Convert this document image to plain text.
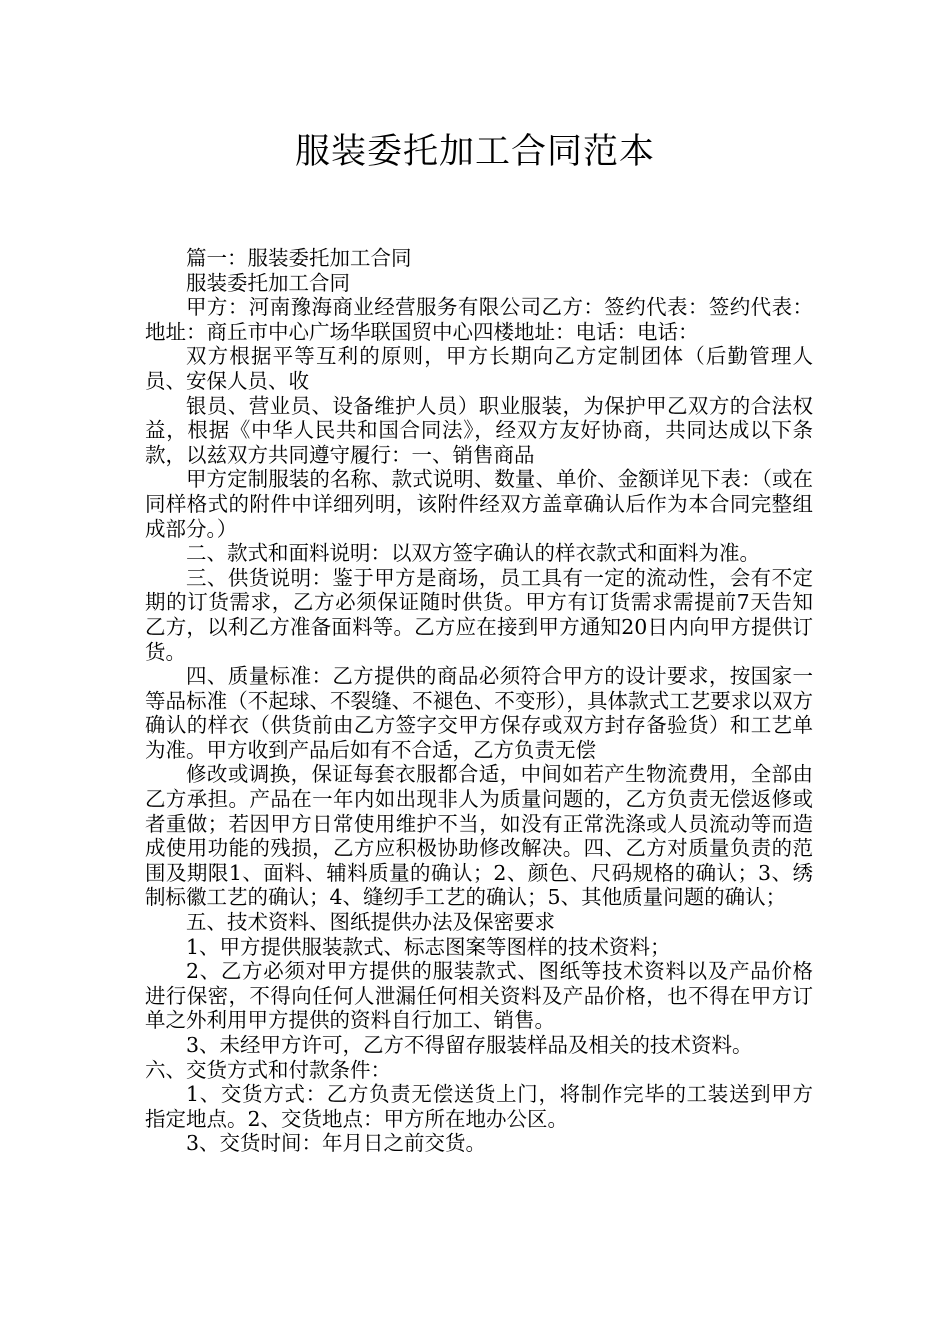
服装委托加工合同范本

篇一：服装委托加工合同

服装委托加工合同

甲方：河南豫海商业经营服务有限公司乙方：签约代表：签约代表：地址：商丘市中心广场华联国贸中心四楼地址：电话：电话：

双方根据平等互利的原则，甲方长期向乙方定制团体（后勤管理人员、安保人员、收

银员、营业员、设备维护人员）职业服装，为保护甲乙双方的合法权益，根据《中华人民共和国合同法》，经双方友好协商，共同达成以下条款，以兹双方共同遵守履行：一、销售商品

甲方定制服装的名称、款式说明、数量、单价、金额详见下表：（或在同样格式的附件中详细列明，该附件经双方盖章确认后作为本合同完整组成部分。）

二、款式和面料说明：以双方签字确认的样衣款式和面料为准。

三、供货说明：鉴于甲方是商场，员工具有一定的流动性，会有不定期的订货需求，乙方必须保证随时供货。甲方有订货需求需提前7天告知乙方，以利乙方准备面料等。乙方应在接到甲方通知20日内向甲方提供订货。

四、质量标准：乙方提供的商品必须符合甲方的设计要求，按国家一等品标准（不起球、不裂缝、不褪色、不变形），具体款式工艺要求以双方确认的样衣（供货前由乙方签字交甲方保存或双方封存备验货）和工艺单为准。甲方收到产品后如有不合适，乙方负责无偿

修改或调换，保证每套衣服都合适，中间如若产生物流费用，全部由乙方承担。产品在一年内如出现非人为质量问题的，乙方负责无偿返修或者重做；若因甲方日常使用维护不当，如没有正常洗涤或人员流动等而造成使用功能的残损，乙方应积极协助修改解决。四、乙方对质量负责的范围及期限1、面料、辅料质量的确认；2、颜色、尺码规格的确认；3、绣制标徽工艺的确认；4、缝纫手工艺的确认；5、其他质量问题的确认；

五、技术资料、图纸提供办法及保密要求

1、甲方提供服装款式、标志图案等图样的技术资料；

2、乙方必须对甲方提供的服装款式、图纸等技术资料以及产品价格进行保密，不得向任何人泄漏任何相关资料及产品价格，也不得在甲方订单之外利用甲方提供的资料自行加工、销售。

3、未经甲方许可，乙方不得留存服装样品及相关的技术资料。

六、交货方式和付款条件：

1、交货方式：乙方负责无偿送货上门，将制作完毕的工装送到甲方指定地点。2、交货地点：甲方所在地办公区。

3、交货时间：年月日之前交货。
